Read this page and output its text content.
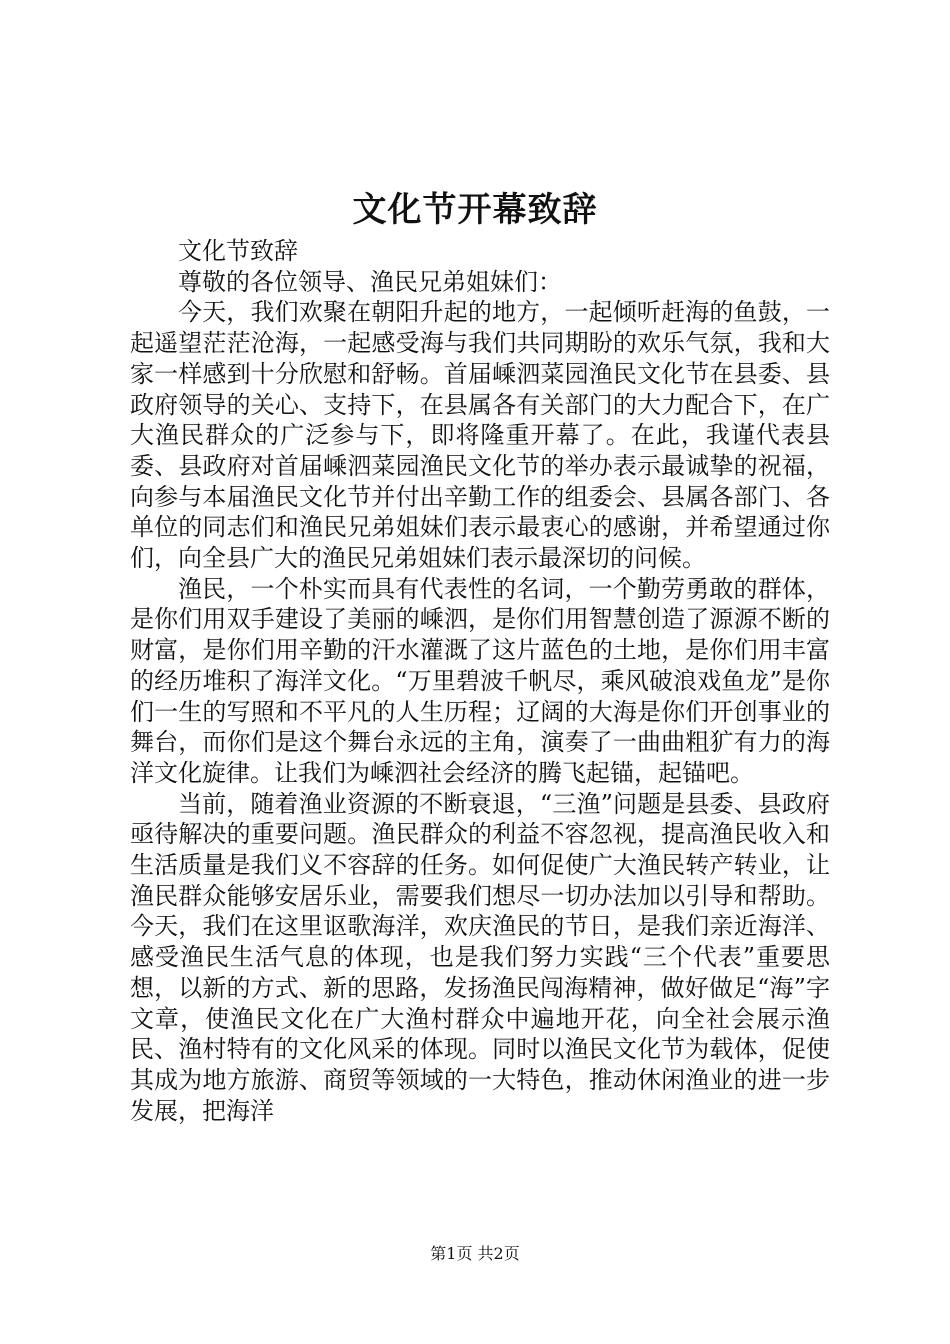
文化节开幕致辞

文化节致辞

尊敬的各位领导、渔民兄弟姐妹们：

今天，我们欢聚在朝阳升起的地方，一起倾听赶海的鱼鼓，一起遥望茫茫沧海，一起感受海与我们共同期盼的欢乐气氛，我和大家一样感到十分欣慰和舒畅。首届嵊泗菜园渔民文化节在县委、县政府领导的关心、支持下，在县属各有关部门的大力配合下，在广大渔民群众的广泛参与下，即将隆重开幕了。在此，我谨代表县委、县政府对首届嵊泗菜园渔民文化节的举办表示最诚挚的祝福，向参与本届渔民文化节并付出辛勤工作的组委会、县属各部门、各单位的同志们和渔民兄弟姐妹们表示最衷心的感谢，并希望通过你们，向全县广大的渔民兄弟姐妹们表示最深切的问候。

渔民，一个朴实而具有代表性的名词，一个勤劳勇敢的群体，是你们用双手建设了美丽的嵊泗，是你们用智慧创造了源源不断的财富，是你们用辛勤的汗水灌溉了这片蓝色的土地，是你们用丰富的经历堆积了海洋文化。“万里碧波千帆尽，乘风破浪戏鱼龙”是你们一生的写照和不平凡的人生历程；辽阔的大海是你们开创事业的舞台，而你们是这个舞台永远的主角，演奏了一曲曲粗犷有力的海洋文化旋律。让我们为嵊泗社会经济的腾飞起锚，起锚吧。

当前，随着渔业资源的不断衰退，“三渔”问题是县委、县政府亟待解决的重要问题。渔民群众的利益不容忽视，提高渔民收入和生活质量是我们义不容辞的任务。如何促使广大渔民转产转业，让渔民群众能够安居乐业，需要我们想尽一切办法加以引导和帮助。今天，我们在这里讴歌海洋，欢庆渔民的节日，是我们亲近海洋、感受渔民生活气息的体现，也是我们努力实践“三个代表”重要思想，以新的方式、新的思路，发扬渔民闯海精神，做好做足“海”字文章，使渔民文化在广大渔村群众中遍地开花，向全社会展示渔民、渔村特有的文化风采的体现。同时以渔民文化节为载体，促使其成为地方旅游、商贸等领域的一大特色，推动休闲渔业的进一步发展，把海洋

第1页 共2页
